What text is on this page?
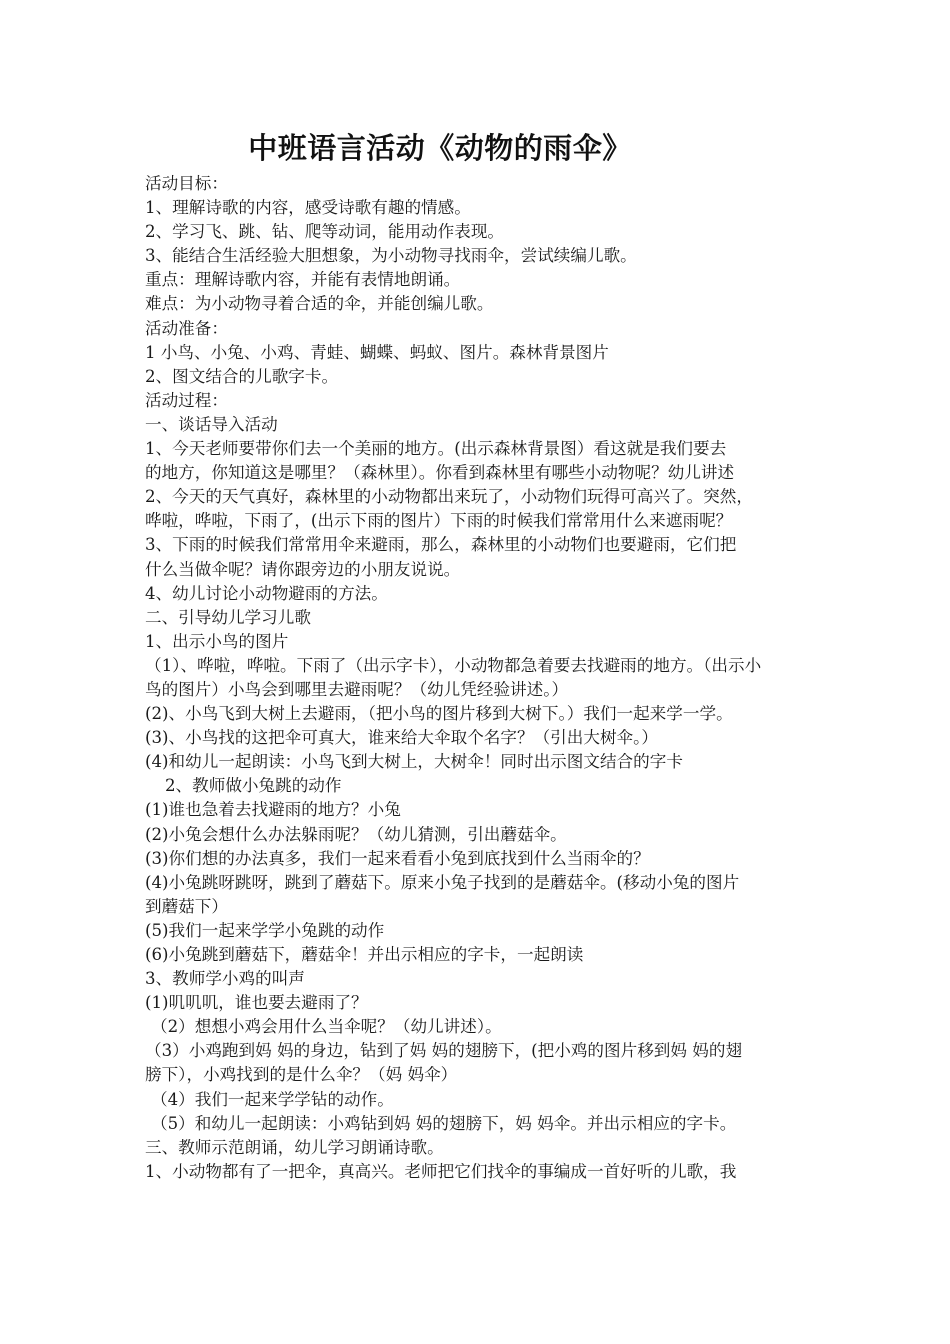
中班语言活动《动物的雨伞》
活动目标：
1、理解诗歌的内容，感受诗歌有趣的情感。
2、学习飞、跳、钻、爬等动词，能用动作表现。
3、能结合生活经验大胆想象，为小动物寻找雨伞，尝试续编儿歌。
重点：理解诗歌内容，并能有表情地朗诵。
难点：为小动物寻着合适的伞，并能创编儿歌。
活动准备：
1 小鸟、小兔、小鸡、青蛙、蝴蝶、蚂蚁、图片。森林背景图片
2、图文结合的儿歌字卡。
活动过程：
一、谈话导入活动
1、今天老师要带你们去一个美丽的地方。(出示森林背景图）看这就是我们要去
的地方，你知道这是哪里？（森林里）。你看到森林里有哪些小动物呢？幼儿讲述
2、今天的天气真好，森林里的小动物都出来玩了，小动物们玩得可高兴了。突然，
哗啦，哗啦，下雨了，(出示下雨的图片）下雨的时候我们常常用什么来遮雨呢？
3、下雨的时候我们常常用伞来避雨，那么，森林里的小动物们也要避雨，它们把
什么当做伞呢？请你跟旁边的小朋友说说。
4、幼儿讨论小动物避雨的方法。
二、引导幼儿学习儿歌
1、出示小鸟的图片
（1）、哗啦，哗啦。下雨了（出示字卡），小动物都急着要去找避雨的地方。（出示小
鸟的图片）小鸟会到哪里去避雨呢？（幼儿凭经验讲述。）
(2)、小鸟飞到大树上去避雨，（把小鸟的图片移到大树下。）我们一起来学一学。
(3)、小鸟找的这把伞可真大，谁来给大伞取个名字？（引出大树伞。）
(4)和幼儿一起朗读：小鸟飞到大树上，大树伞！同时出示图文结合的字卡
2、教师做小兔跳的动作
(1)谁也急着去找避雨的地方？小兔
(2)小兔会想什么办法躲雨呢？（幼儿猜测，引出蘑菇伞。
(3)你们想的办法真多，我们一起来看看小兔到底找到什么当雨伞的？
(4)小兔跳呀跳呀，跳到了蘑菇下。原来小兔子找到的是蘑菇伞。(移动小兔的图片
到蘑菇下）
(5)我们一起来学学小兔跳的动作
(6)小兔跳到蘑菇下，蘑菇伞！并出示相应的字卡，一起朗读
3、教师学小鸡的叫声
(1)叽叽叽，谁也要去避雨了？
（2）想想小鸡会用什么当伞呢？（幼儿讲述）。
（3）小鸡跑到妈 妈的身边，钻到了妈 妈的翅膀下，(把小鸡的图片移到妈 妈的翅
膀下），小鸡找到的是什么伞？（妈 妈伞）
（4）我们一起来学学钻的动作。
（5）和幼儿一起朗读：小鸡钻到妈 妈的翅膀下，妈 妈伞。并出示相应的字卡。
三、教师示范朗诵，幼儿学习朗诵诗歌。
1、小动物都有了一把伞，真高兴。老师把它们找伞的事编成一首好听的儿歌，我
